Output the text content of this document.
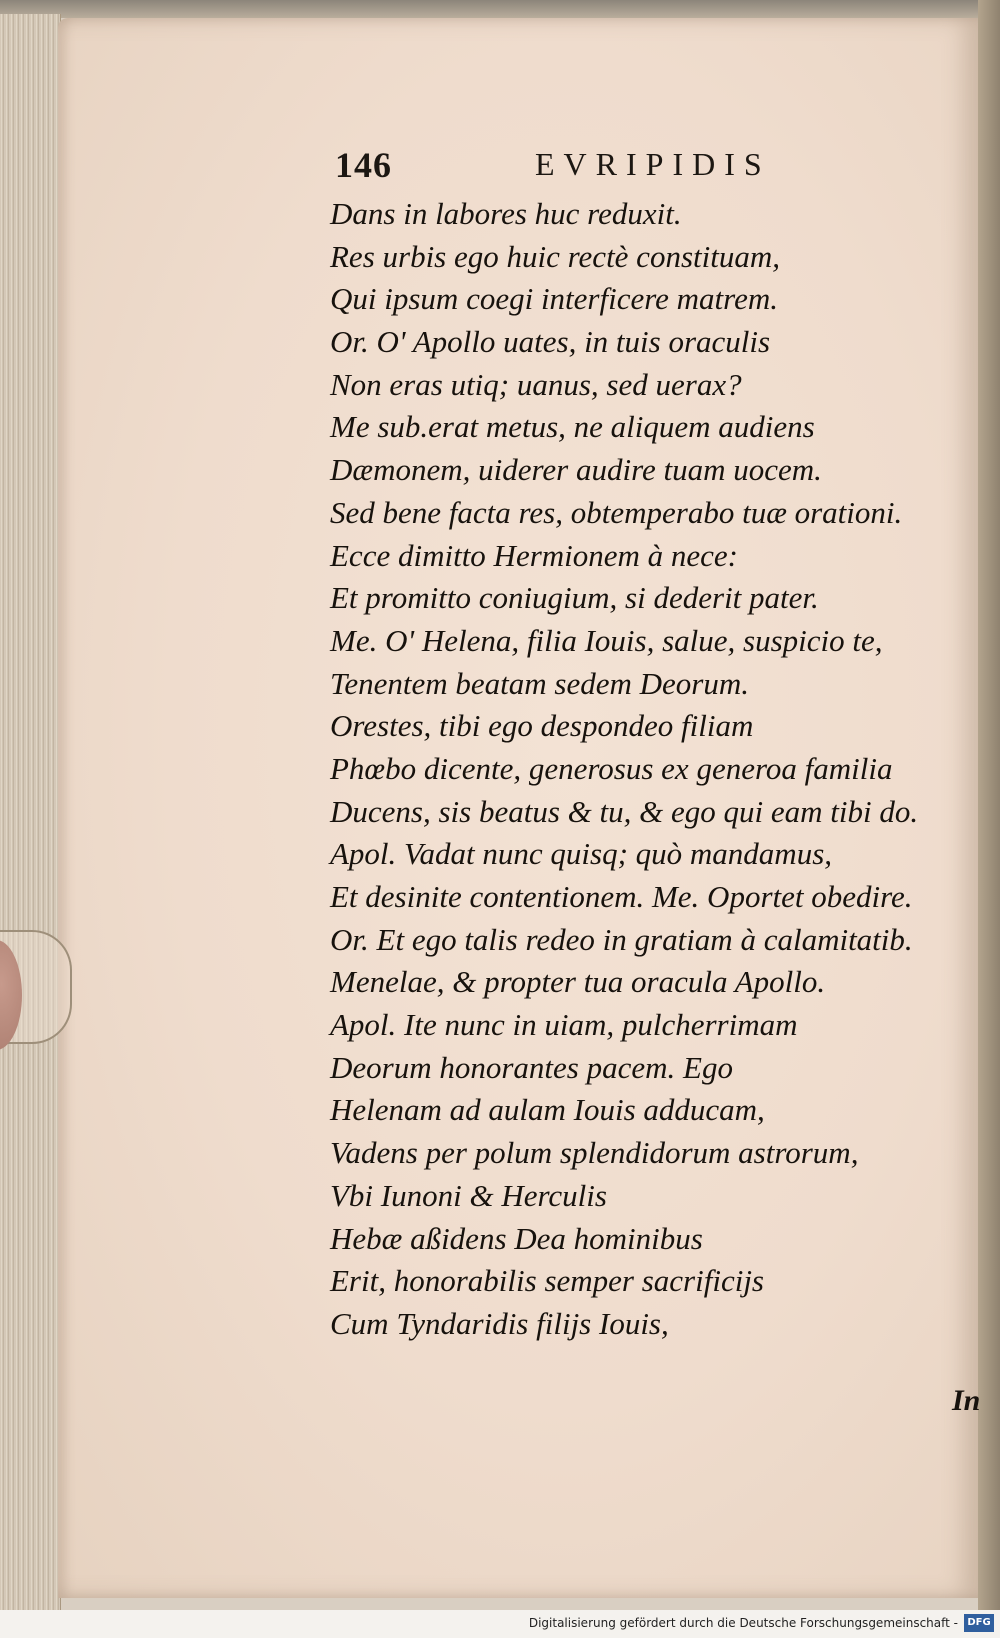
146	EVRIPIDIS
Dans in labores huc reduxit.
Res urbis ego huic rectè constituam,
Qui ipsum coegi interficere matrem.
Or. O' Apollo uates, in tuis oraculis
Non eras utiq; uanus, sed uerax?
Me sub.erat metus, ne aliquem audiens
Dæmonem, uiderer audire tuam uocem.
Sed bene facta res, obtemperabo tuæ orationi.
Ecce dimitto Hermionem à nece:
Et promitto coniugium, si dederit pater.
Me. O' Helena, filia Iouis, salue, suspicio te,
Tenentem beatam sedem Deorum.
Orestes, tibi ego despondeo filiam
Phœbo dicente, generosus ex generoa familia
Ducens, sis beatus & tu, & ego qui eam tibi do.
Apol. Vadat nunc quisq; quò mandamus,
Et desinite contentionem. Me. Oportet obedire.
Or. Et ego talis redeo in gratiam à calamitatib.
Menelae, & propter tua oracula Apollo.
Apol. Ite nunc in uiam, pulcherrimam
Deorum honorantes pacem. Ego
Helenam ad aulam Iouis adducam,
Vadens per polum splendidorum astrorum,
Vbi Iunoni & Herculis
Hebæ aßidens Dea hominibus
Erit, honorabilis semper sacrificijs
Cum Tyndaridis filijs Iouis,
In
Digitalisierung gefördert durch die Deutsche Forschungsgemeinschaft - DFG
